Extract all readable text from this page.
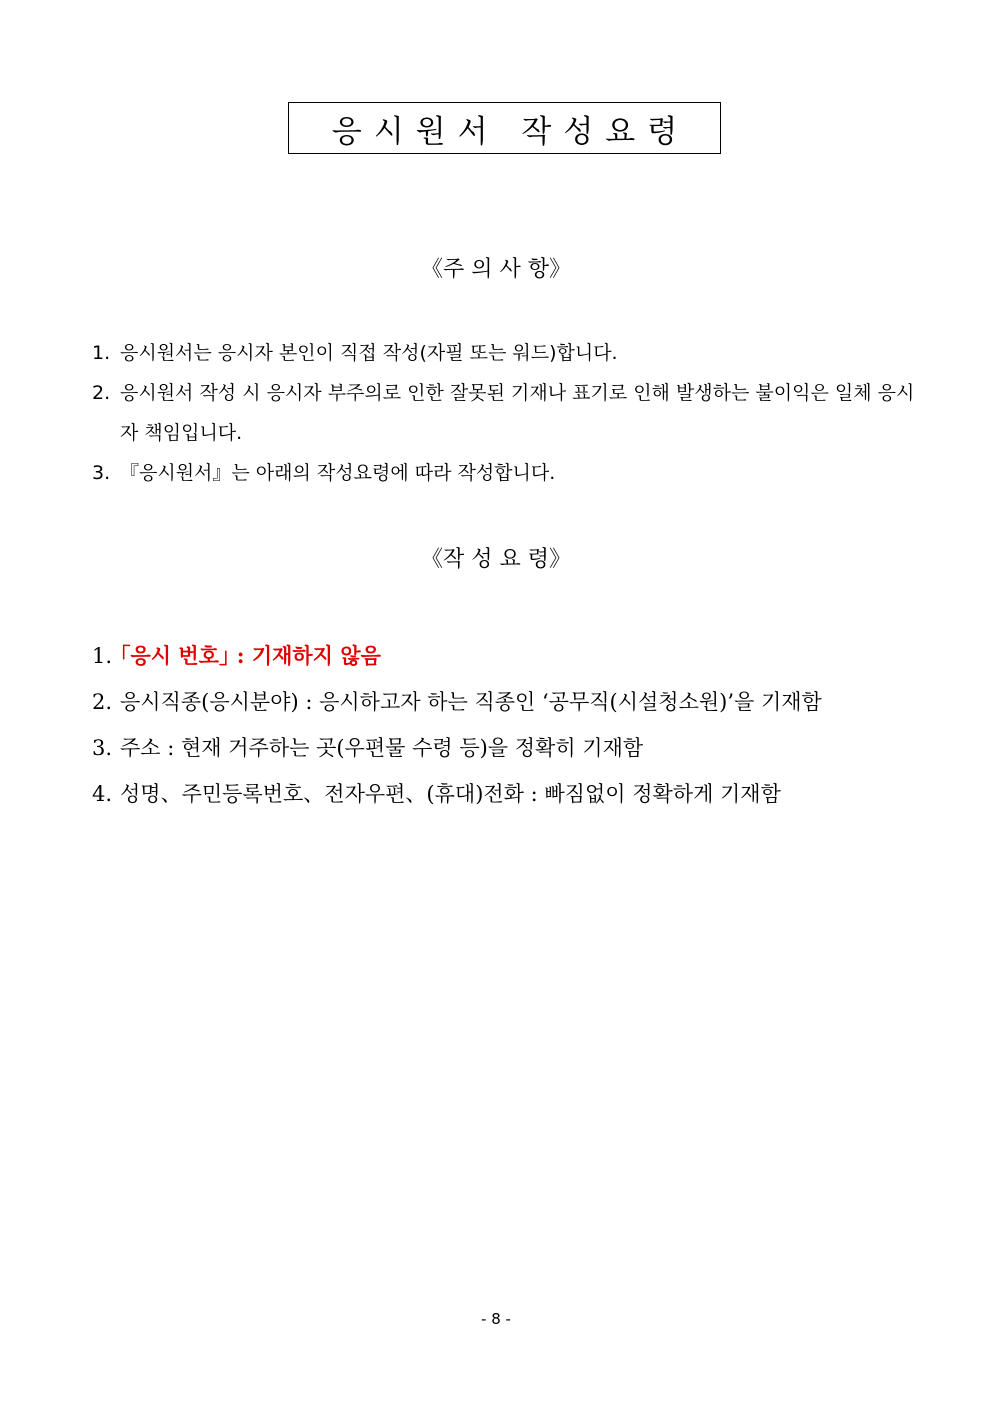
응시원서 작성요령
《주 의 사 항》
1. 응시원서는 응시자 본인이 직접 작성(자필 또는 워드)합니다.
2. 응시원서 작성 시 응시자 부주의로 인한 잘못된 기재나 표기로 인해 발생하는 불이익은 일체 응시자 책임입니다.
3. 『응시원서』는 아래의 작성요령에 따라 작성합니다.
《작 성 요 령》
1. ｢응시 번호｣ : 기재하지 않음
2. 응시직종(응시분야) : 응시하고자 하는 직종인 ‘공무직(시설청소원)’을 기재함
3. 주소 : 현재 거주하는 곳(우편물 수령 등)을 정확히 기재함
4. 성명、주민등록번호、전자우편、(휴대)전화 : 빠짐없이 정확하게 기재함
- 8 -
